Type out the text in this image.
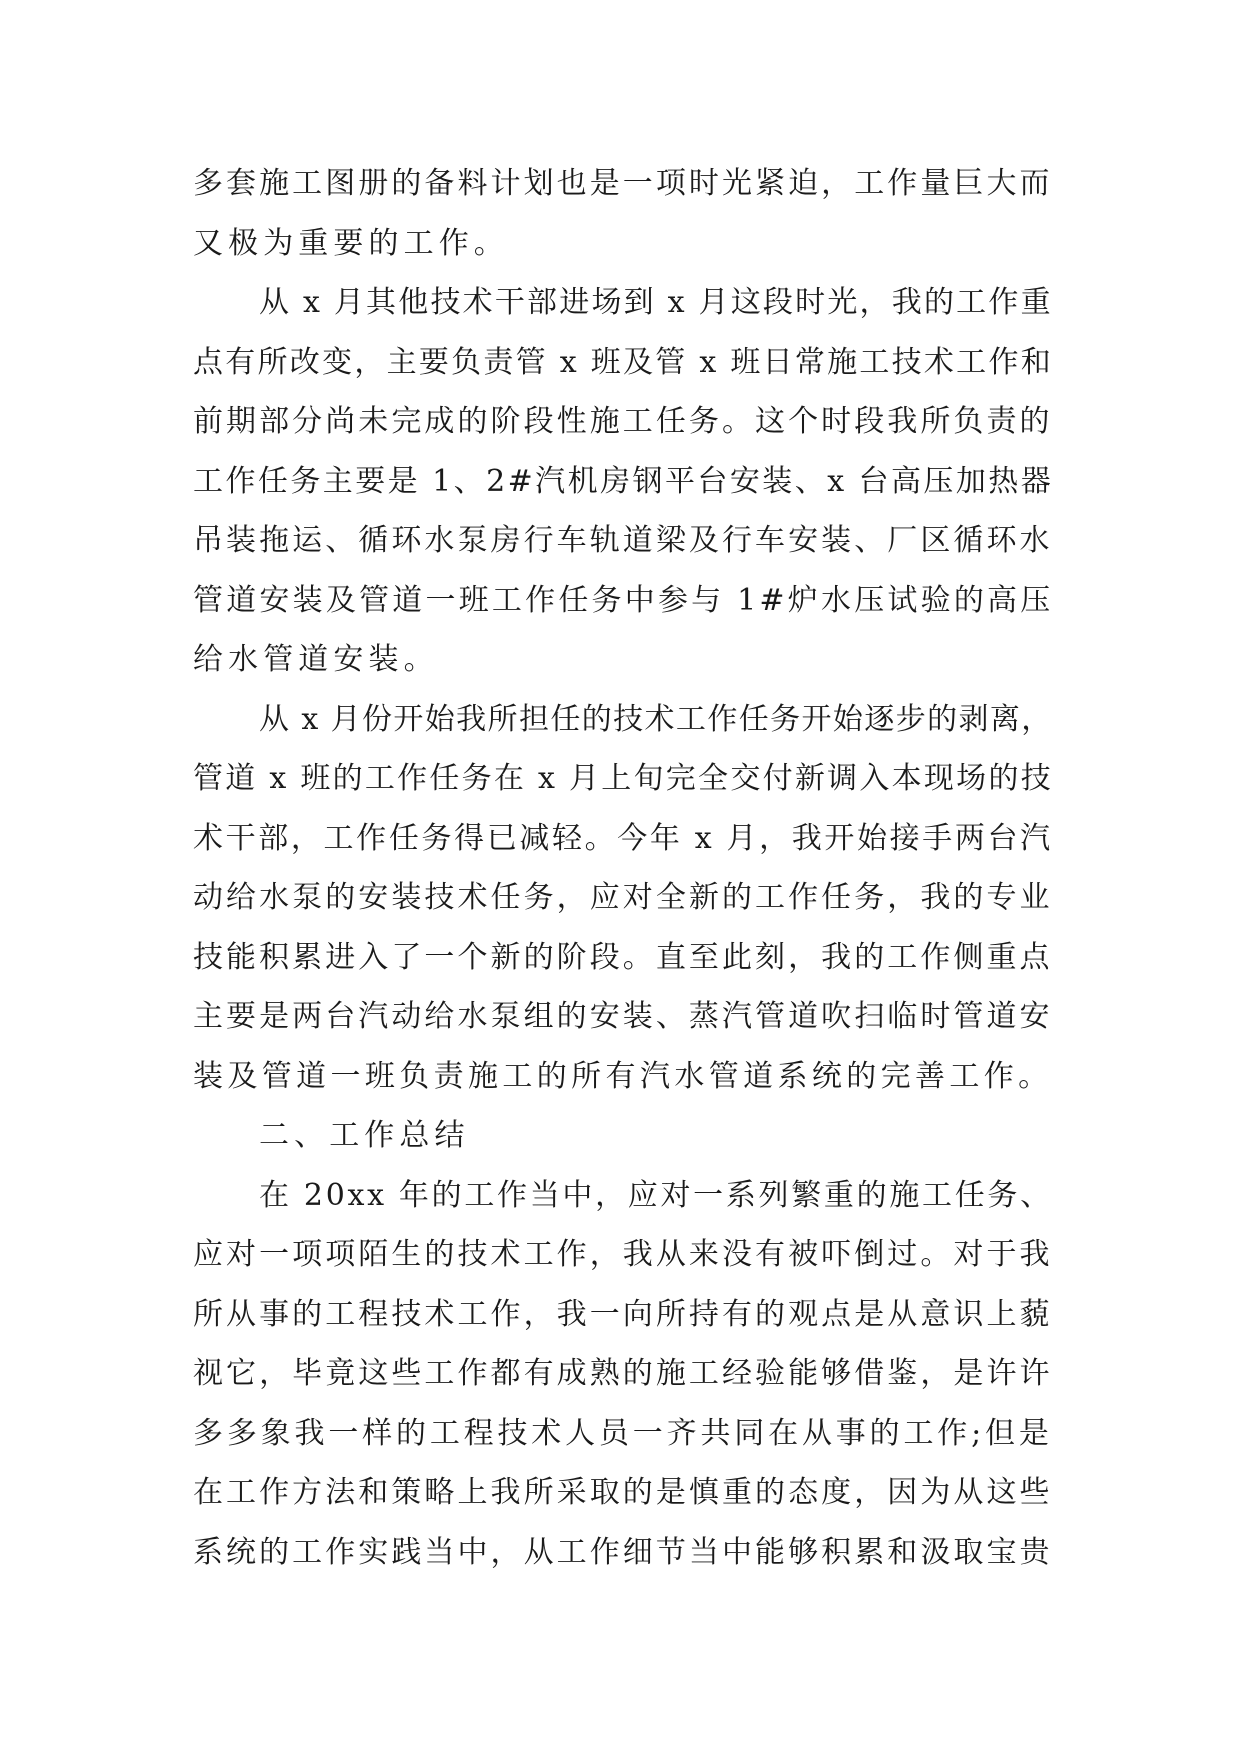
多套施工图册的备料计划也是一项时光紧迫，工作量巨大而
又极为重要的工作。
从 x 月其他技术干部进场到 x 月这段时光，我的工作重
点有所改变，主要负责管 x 班及管 x 班日常施工技术工作和
前期部分尚未完成的阶段性施工任务。这个时段我所负责的
工作任务主要是 1、2#汽机房钢平台安装、x 台高压加热器
吊装拖运、循环水泵房行车轨道梁及行车安装、厂区循环水
管道安装及管道一班工作任务中参与 1#炉水压试验的高压
给水管道安装。
从 x 月份开始我所担任的技术工作任务开始逐步的剥离，
管道 x 班的工作任务在 x 月上旬完全交付新调入本现场的技
术干部，工作任务得已减轻。今年 x 月，我开始接手两台汽
动给水泵的安装技术任务，应对全新的工作任务，我的专业
技能积累进入了一个新的阶段。直至此刻，我的工作侧重点
主要是两台汽动给水泵组的安装、蒸汽管道吹扫临时管道安
装及管道一班负责施工的所有汽水管道系统的完善工作。
二、工作总结
在 20xx 年的工作当中，应对一系列繁重的施工任务、
应对一项项陌生的技术工作，我从来没有被吓倒过。对于我
所从事的工程技术工作，我一向所持有的观点是从意识上藐
视它，毕竟这些工作都有成熟的施工经验能够借鉴，是许许
多多象我一样的工程技术人员一齐共同在从事的工作;但是
在工作方法和策略上我所采取的是慎重的态度，因为从这些
系统的工作实践当中，从工作细节当中能够积累和汲取宝贵
